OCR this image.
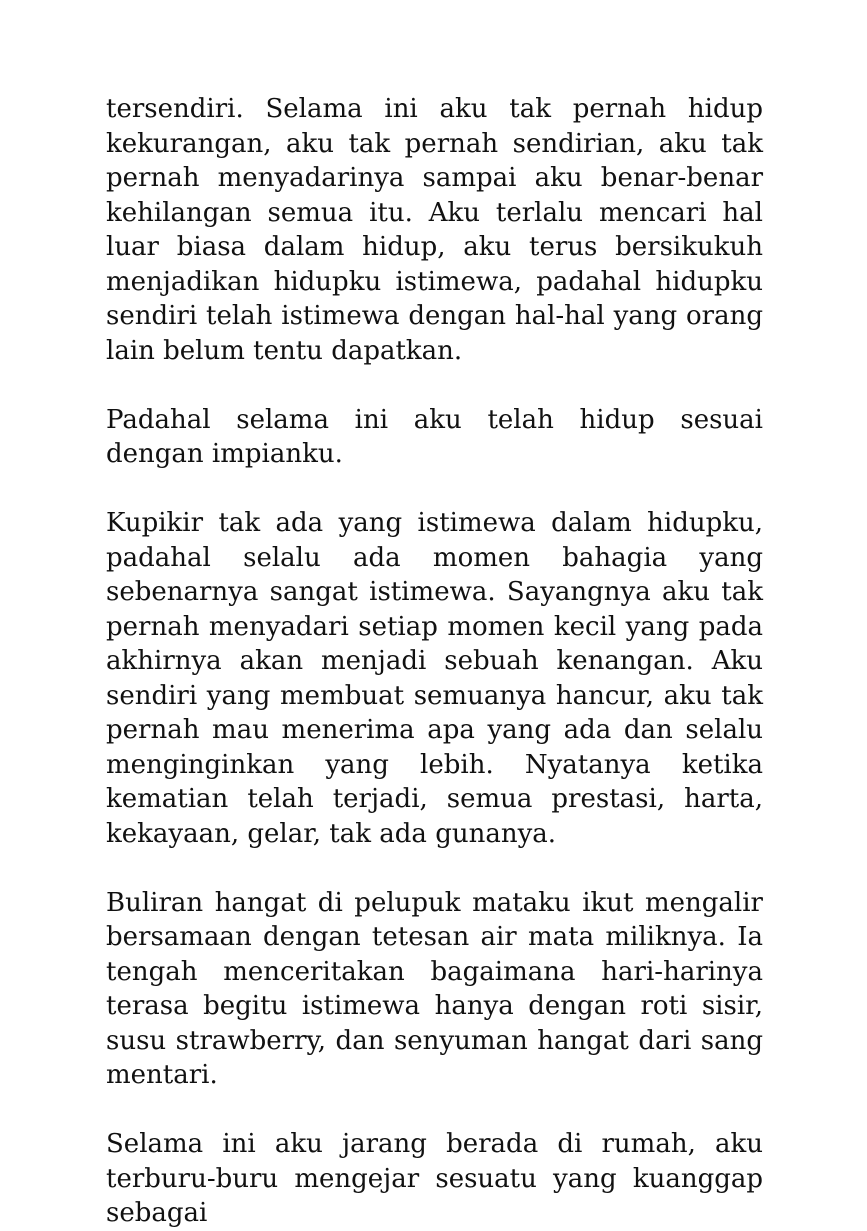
tersendiri. Selama ini aku tak pernah hidup kekurangan, aku tak pernah sendirian, aku tak pernah menyadarinya sampai aku benar-benar kehilangan semua itu. Aku terlalu mencari hal luar biasa dalam hidup, aku terus bersikukuh menjadikan hidupku istimewa, padahal hidupku sendiri telah istimewa dengan hal-hal yang orang lain belum tentu dapatkan.

Padahal selama ini aku telah hidup sesuai dengan impianku.

Kupikir tak ada yang istimewa dalam hidupku, padahal selalu ada momen bahagia yang sebenarnya sangat istimewa. Sayangnya aku tak pernah menyadari setiap momen kecil yang pada akhirnya akan menjadi sebuah kenangan. Aku sendiri yang membuat semuanya hancur, aku tak pernah mau menerima apa yang ada dan selalu menginginkan yang lebih. Nyatanya ketika kematian telah terjadi, semua prestasi, harta, kekayaan, gelar, tak ada gunanya.

Buliran hangat di pelupuk mataku ikut mengalir bersamaan dengan tetesan air mata miliknya. Ia tengah menceritakan bagaimana hari-harinya terasa begitu istimewa hanya dengan roti sisir, susu strawberry, dan senyuman hangat dari sang mentari.

Selama ini aku jarang berada di rumah, aku terburu-buru mengejar sesuatu yang kuanggap sebagai
